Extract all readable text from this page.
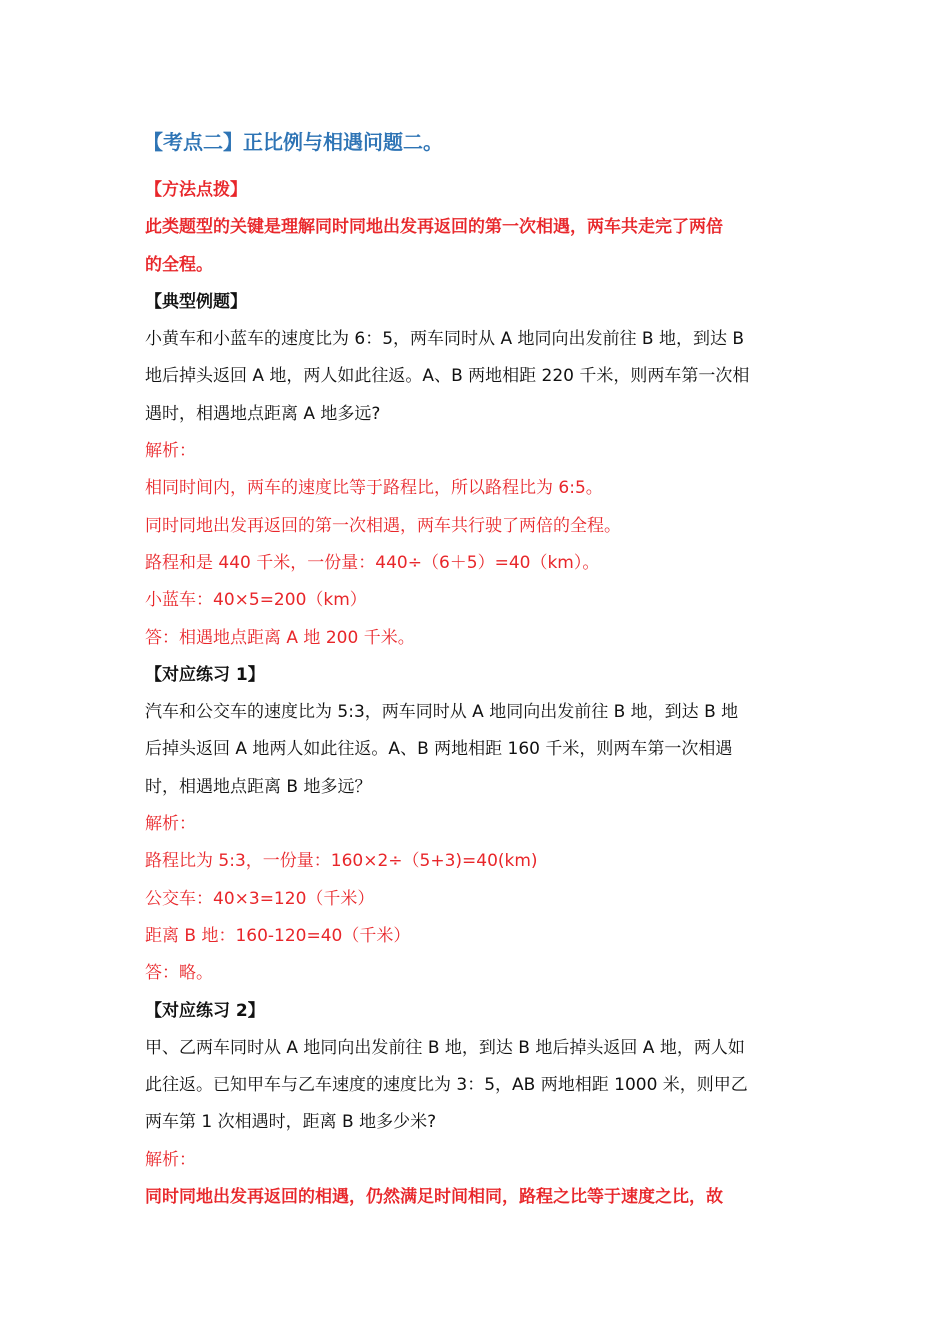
【考点二】正比例与相遇问题二。
【方法点拨】
此类题型的关键是理解同时同地出发再返回的第一次相遇，两车共走完了两倍
的全程。
【典型例题】
小黄车和小蓝车的速度比为 6：5，两车同时从 A 地同向出发前往 B 地，到达 B
地后掉头返回 A 地，两人如此往返。A、B 两地相距 220 千米，则两车第一次相
遇时，相遇地点距离 A 地多远?
解析：
相同时间内，两车的速度比等于路程比，所以路程比为 6:5。
同时同地出发再返回的第一次相遇，两车共行驶了两倍的全程。
路程和是 440 千米，一份量：440÷（6＋5）=40（km）。
小蓝车：40×5=200（km）
答：相遇地点距离 A 地 200 千米。
【对应练习 1】
汽车和公交车的速度比为 5:3，两车同时从 A 地同向出发前往 B 地，到达 B 地
后掉头返回 A 地两人如此往返。A、B 两地相距 160 千米，则两车第一次相遇
时，相遇地点距离 B 地多远？
解析：
路程比为 5:3，一份量：160×2÷（5+3)=40(km)
公交车：40×3=120（千米）
距离 B 地：160-120=40（千米）
答：略。
【对应练习 2】
甲、乙两车同时从 A 地同向出发前往 B 地，到达 B 地后掉头返回 A 地，两人如
此往返。已知甲车与乙车速度的速度比为 3：5，AB 两地相距 1000 米，则甲乙
两车第 1 次相遇时，距离 B 地多少米?
解析：
同时同地出发再返回的相遇，仍然满足时间相同，路程之比等于速度之比，故
